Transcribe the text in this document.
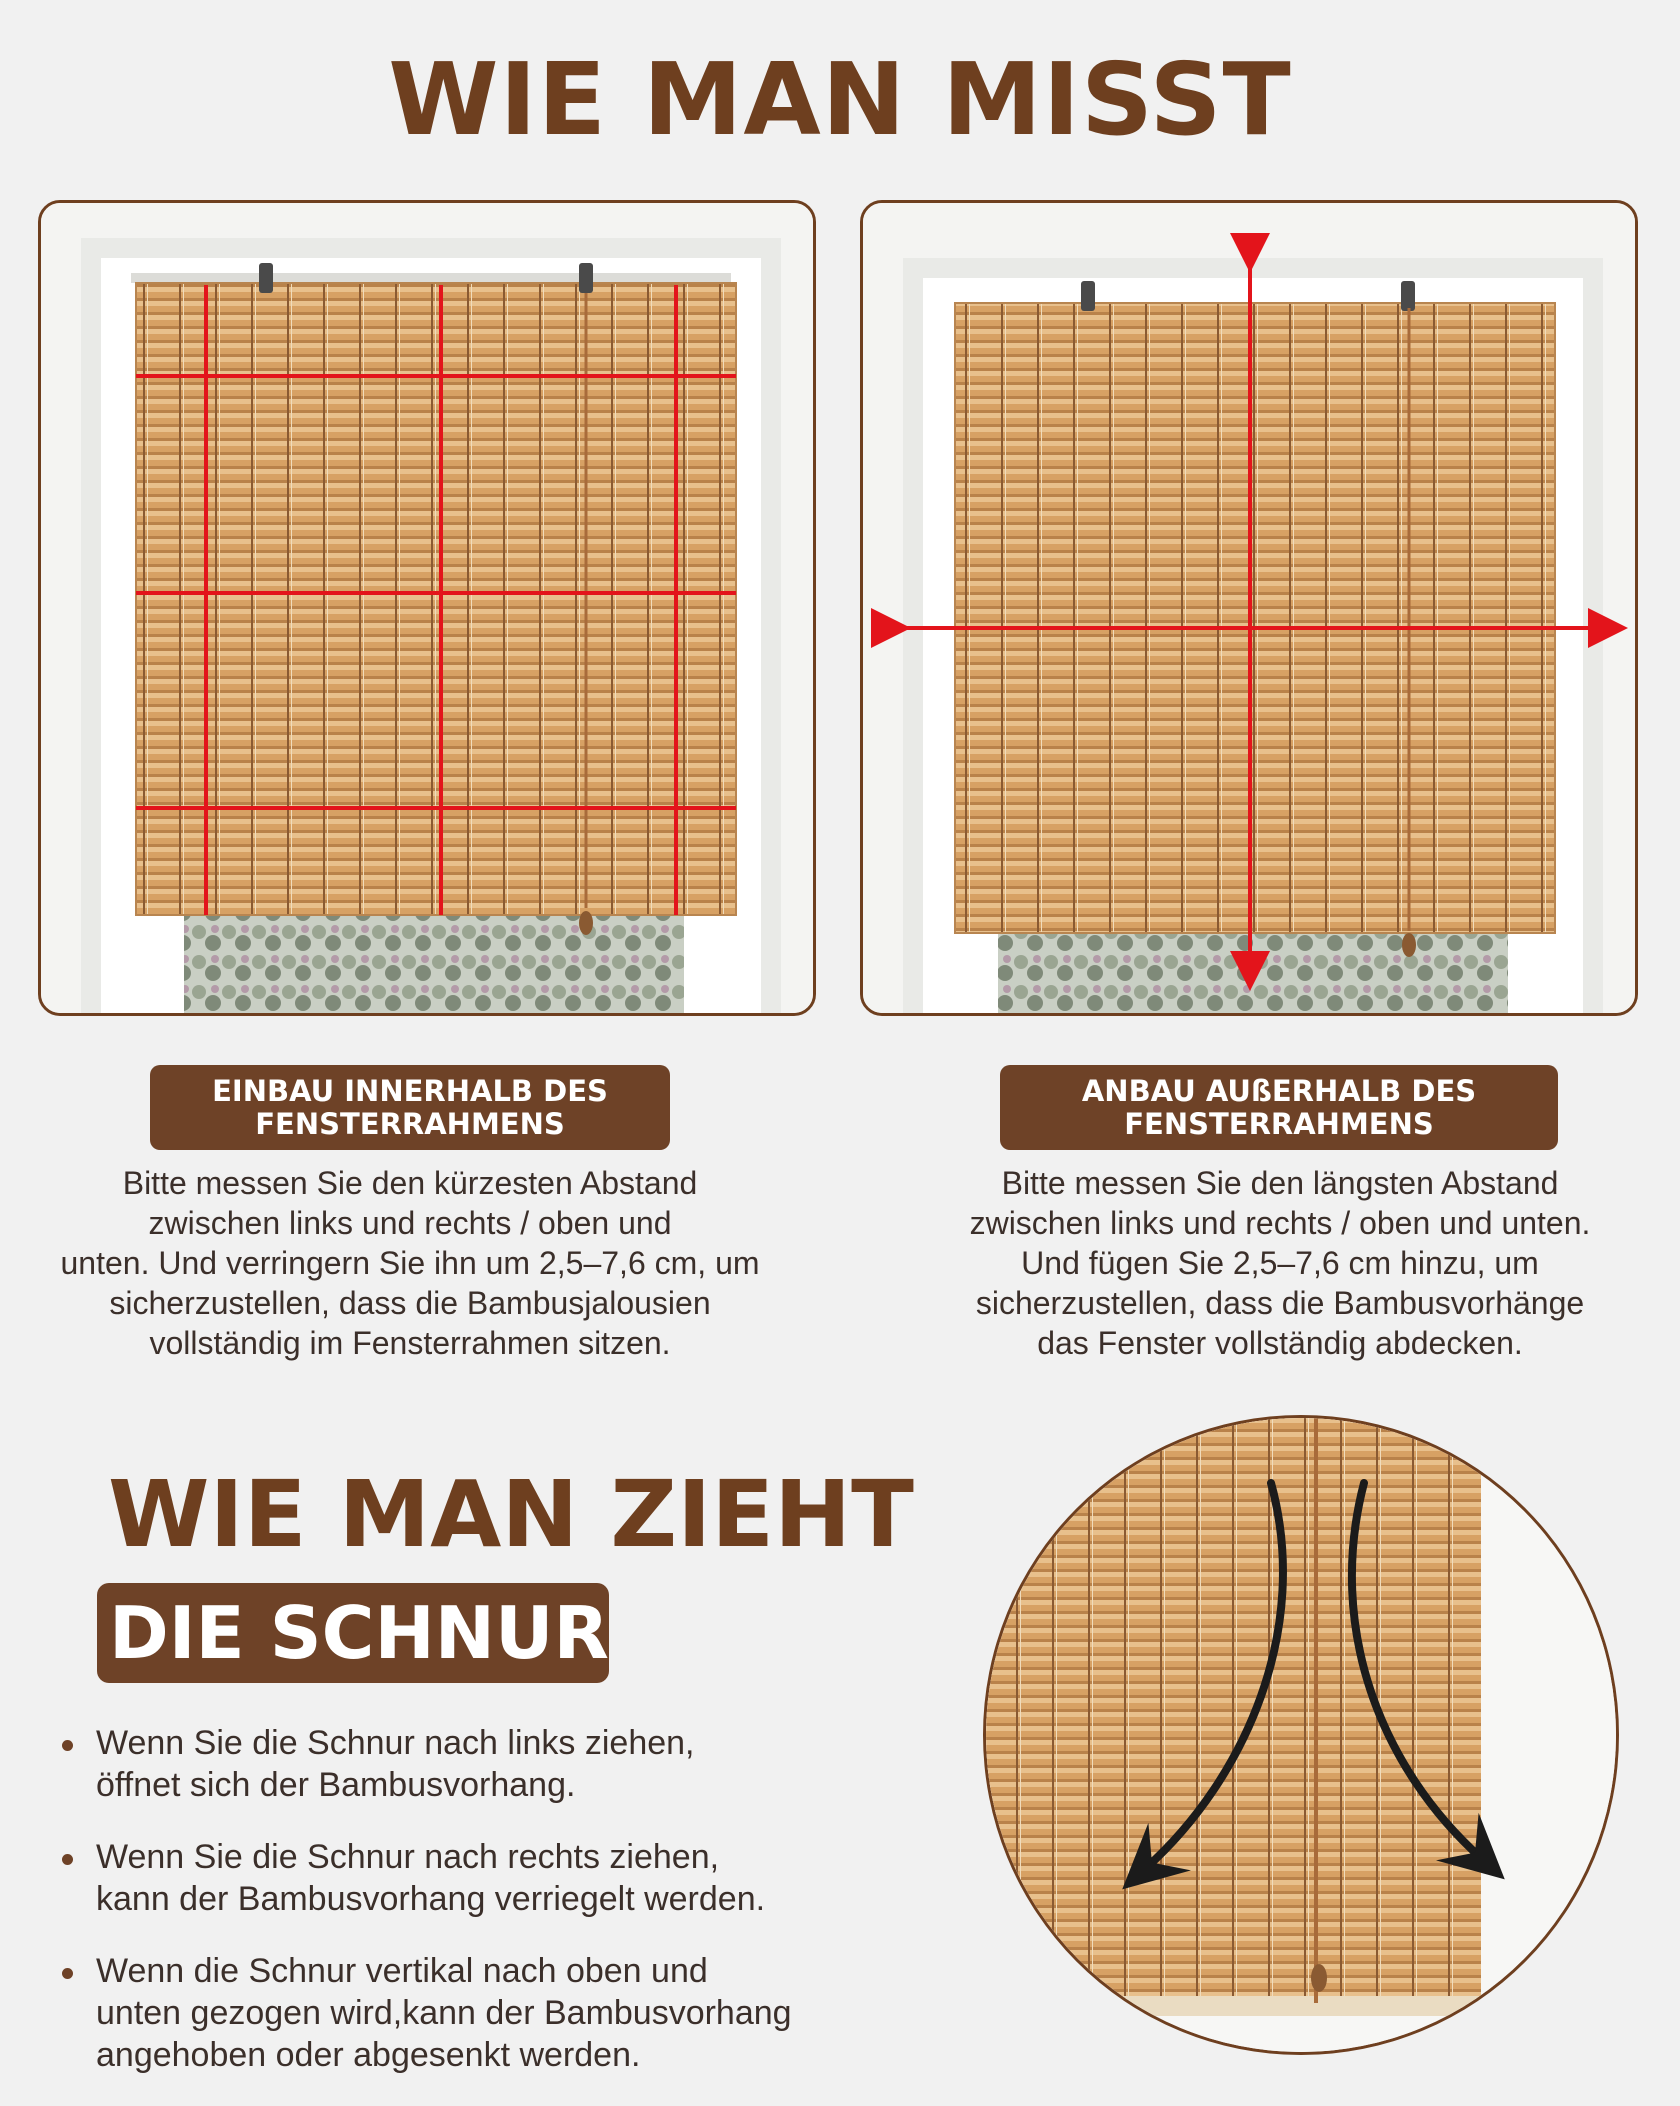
WIE MAN MISST
EINBAU INNERHALB DES
FENSTERRAHMENS
ANBAU AUßERHALB DES
FENSTERRAHMENS
Bitte messen Sie den kürzesten Abstand
zwischen links und rechts / oben und
unten. Und verringern Sie ihn um 2,5–7,6 cm, um
sicherzustellen, dass die Bambusjalousien
vollständig im Fensterrahmen sitzen.
Bitte messen Sie den längsten Abstand
zwischen links und rechts / oben und unten.
Und fügen Sie 2,5–7,6 cm hinzu, um
sicherzustellen, dass die Bambusvorhänge
das Fenster vollständig abdecken.
WIE MAN ZIEHT
DIE SCHNUR
Wenn Sie die Schnur nach links ziehen,
öffnet sich der Bambusvorhang.
Wenn Sie die Schnur nach rechts ziehen,
kann der Bambusvorhang verriegelt werden.
Wenn die Schnur vertikal nach oben und
unten gezogen wird,kann der Bambusvorhang
angehoben oder abgesenkt werden.
